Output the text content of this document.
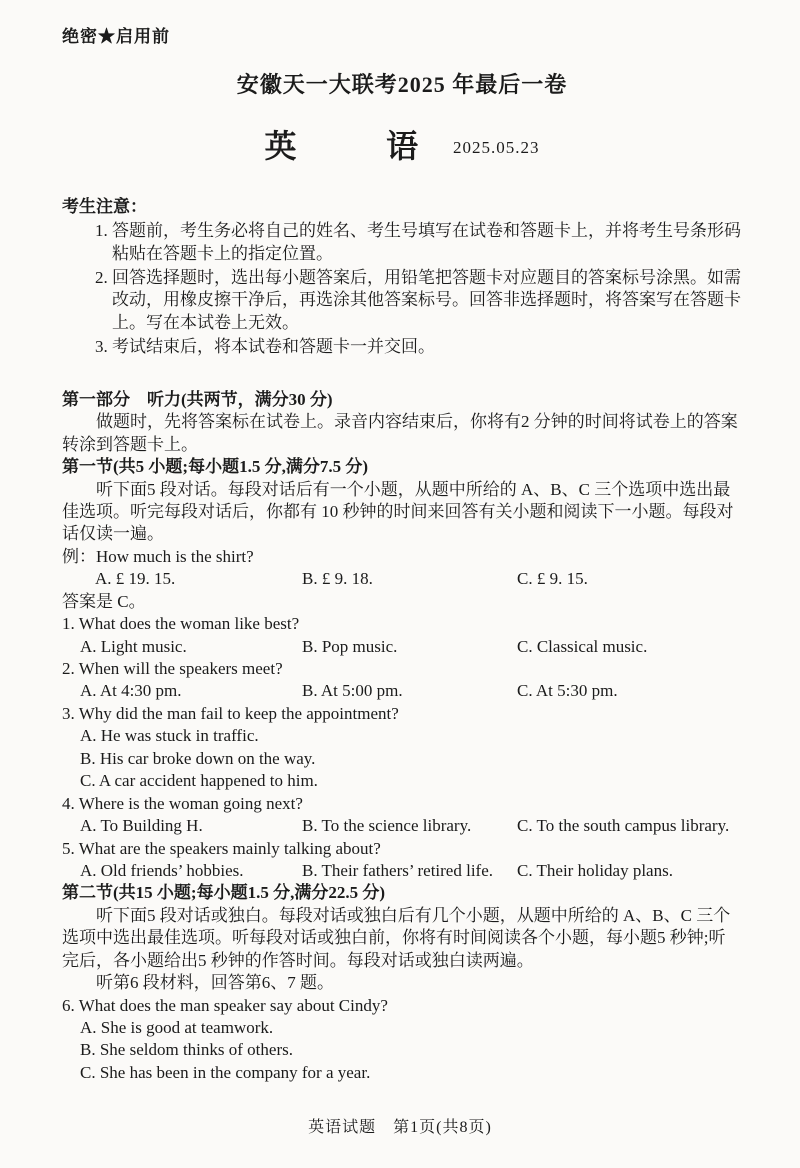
绝密★启用前
安徽天一大联考2025 年最后一卷
英　语 2025.05.23
考生注意：
1. 答题前，考生务必将自己的姓名、考生号填写在试卷和答题卡上，并将考生号条形码粘贴在答题卡上的指定位置。
2. 回答选择题时，选出每小题答案后，用铅笔把答题卡对应题目的答案标号涂黑。如需改动，用橡皮擦干净后，再选涂其他答案标号。回答非选择题时，将答案写在答题卡上。写在本试卷上无效。
3. 考试结束后，将本试卷和答题卡一并交回。
第一部分　听力(共两节，满分30 分)
做题时，先将答案标在试卷上。录音内容结束后，你将有2 分钟的时间将试卷上的答案转涂到答题卡上。
第一节(共5 小题;每小题1.5 分,满分7.5 分)
听下面5 段对话。每段对话后有一个小题，从题中所给的 A、B、C 三个选项中选出最佳选项。听完每段对话后，你都有 10 秒钟的时间来回答有关小题和阅读下一小题。每段对话仅读一遍。
例：How much is the shirt?
A. £ 19. 15.	B. £ 9. 18.	C. £ 9. 15.
答案是 C。
1. What does the woman like best?
A. Light music.	B. Pop music.	C. Classical music.
2. When will the speakers meet?
A. At 4:30 pm.	B. At 5:00 pm.	C. At 5:30 pm.
3. Why did the man fail to keep the appointment?
A. He was stuck in traffic.
B. His car broke down on the way.
C. A car accident happened to him.
4. Where is the woman going next?
A. To Building H.	B. To the science library.	C. To the south campus library.
5. What are the speakers mainly talking about?
A. Old friends’ hobbies.	B. Their fathers’ retired life.	C. Their holiday plans.
第二节(共15 小题;每小题1.5 分,满分22.5 分)
听下面5 段对话或独白。每段对话或独白后有几个小题，从题中所给的 A、B、C 三个选项中选出最佳选项。听每段对话或独白前，你将有时间阅读各个小题，每小题5 秒钟;听完后，各小题给出5 秒钟的作答时间。每段对话或独白读两遍。
听第6 段材料，回答第6、7 题。
6. What does the man speaker say about Cindy?
A. She is good at teamwork.
B. She seldom thinks of others.
C. She has been in the company for a year.
英语试题　第1页(共8页)
